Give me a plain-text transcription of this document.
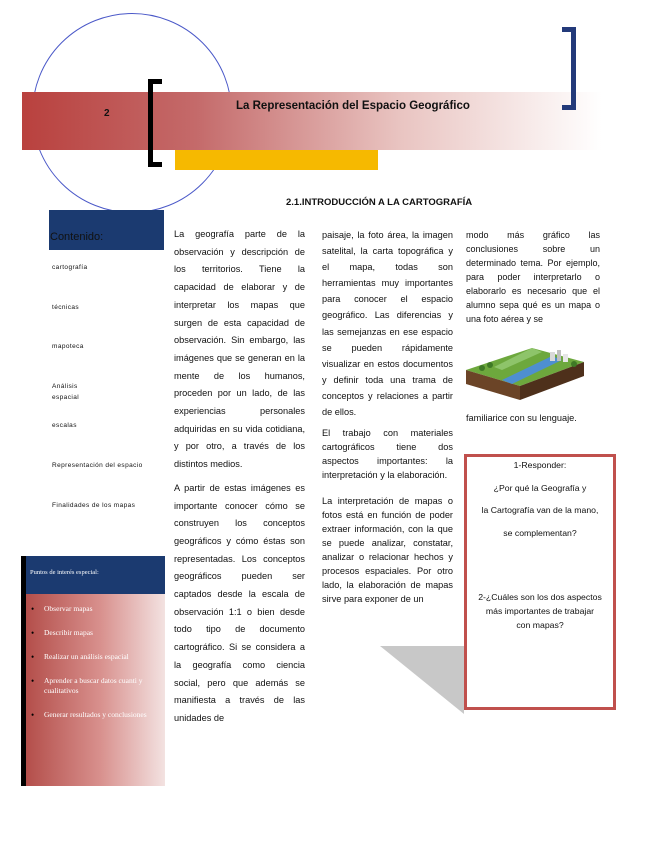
2
La Representación del Espacio Geográfico
2.1.INTRODUCCIÓN A LA CARTOGRAFÍA
Contenido:
cartografía
técnicas
mapoteca
Análisis espacial
escalas
Representación del espacio
Finalidades de los mapas
Puntos de interés especial:
• Observar mapas
• Describir mapas
• Realizar un análisis espacial
• Aprender a buscar datos cuanti y cualitativos
• Generar resultados y conclusiones

La geografía parte de la observación y descripción de los territorios. Tiene la capacidad de elaborar y de interpretar los mapas que surgen de esta capacidad de observación. Sin embargo, las imágenes que se generan en la mente de los humanos, proceden por un lado, de las experiencias personales adquiridas en su vida cotidiana, y por otro, a través de los distintos medios.

A partir de estas imágenes es importante conocer cómo se construyen los conceptos geográficos y cómo éstas son representadas. Los conceptos geográficos pueden ser captados desde la escala de observación 1:1 o bien desde todo tipo de documento cartográfico. Si se considera a la geografía como ciencia social, pero que además se manifiesta a través de las unidades de

paisaje, la foto área, la imagen satelital, la carta topográfica y el mapa, todas son herramientas muy importantes para conocer el espacio geográfico. Las diferencias y las semejanzas en ese espacio se pueden rápidamente visualizar en estos documentos y definir toda una trama de conceptos y relaciones a partir de ellos.

El trabajo con materiales cartográficos tiene dos aspectos importantes: la interpretación y la elaboración.

La interpretación de mapas o fotos está en función de poder extraer información, con la que se puede analizar, constatar, analizar o relacionar hechos y procesos espaciales. Por otro lado, la elaboración de mapas sirve para exponer de un

modo más gráfico las conclusiones sobre un determinado tema. Por ejemplo, para poder interpretarlo o elaborarlo es necesario que el alumno sepa qué es un mapa o una foto aérea y se

familiarice con su lenguaje.
1-Responder:
¿Por qué la Geografía y
la Cartografía van de la mano,
se complementan?
2-¿Cuáles son los dos aspectos
más importantes de trabajar
con mapas?
